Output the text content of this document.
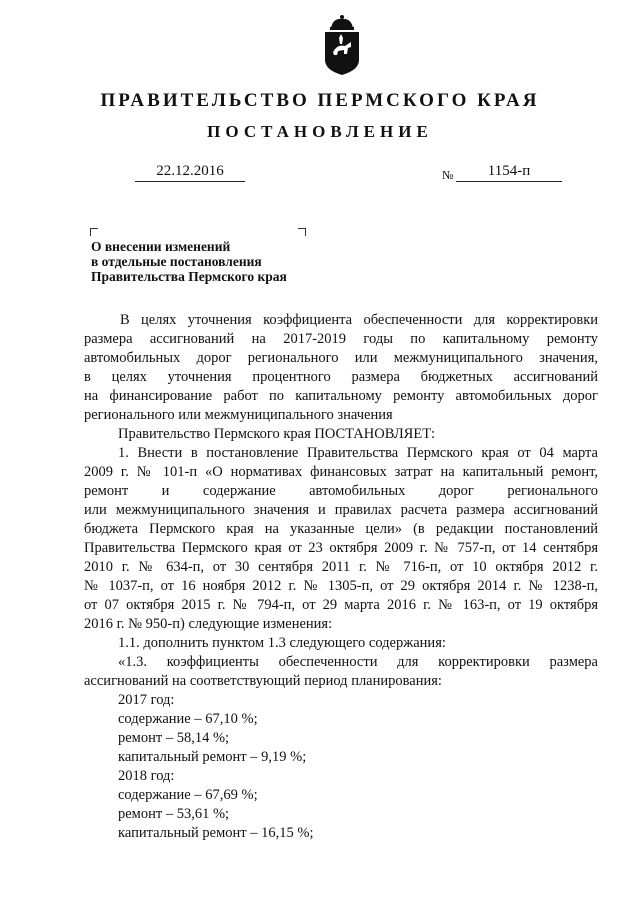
ПРАВИТЕЛЬСТВО ПЕРМСКОГО КРАЯ
ПОСТАНОВЛЕНИЕ
22.12.2016	№	1154-п
О внесении изменений
в отдельные постановления
Правительства Пермского края
В целях уточнения коэффициента обеспеченности для корректировки
размера ассигнований на 2017-2019 годы по капитальному ремонту
автомобильных дорог регионального или межмуниципального значения,
в целях уточнения процентного размера бюджетных ассигнований
на финансирование работ по капитальному ремонту автомобильных дорог
регионального или межмуниципального значения
Правительство Пермского края ПОСТАНОВЛЯЕТ:
1. Внести в постановление Правительства Пермского края от 04 марта
2009 г. № 101-п «О нормативах финансовых затрат на капитальный ремонт,
ремонт и содержание автомобильных дорог регионального
или межмуниципального значения и правилах расчета размера ассигнований
бюджета Пермского края на указанные цели» (в редакции постановлений
Правительства Пермского края от 23 октября 2009 г. № 757-п, от 14 сентября
2010 г. № 634-п, от 30 сентября 2011 г. № 716-п, от 10 октября 2012 г.
№ 1037-п, от 16 ноября 2012 г. № 1305-п, от 29 октября 2014 г. № 1238-п,
от 07 октября 2015 г. № 794-п, от 29 марта 2016 г. № 163-п, от 19 октября
2016 г. № 950-п) следующие изменения:
1.1. дополнить пунктом 1.3 следующего содержания:
«1.3. коэффициенты обеспеченности для корректировки размера
ассигнований на соответствующий период планирования:
2017 год:
содержание – 67,10 %;
ремонт – 58,14 %;
капитальный ремонт – 9,19 %;
2018 год:
содержание – 67,69 %;
ремонт – 53,61 %;
капитальный ремонт – 16,15 %;
